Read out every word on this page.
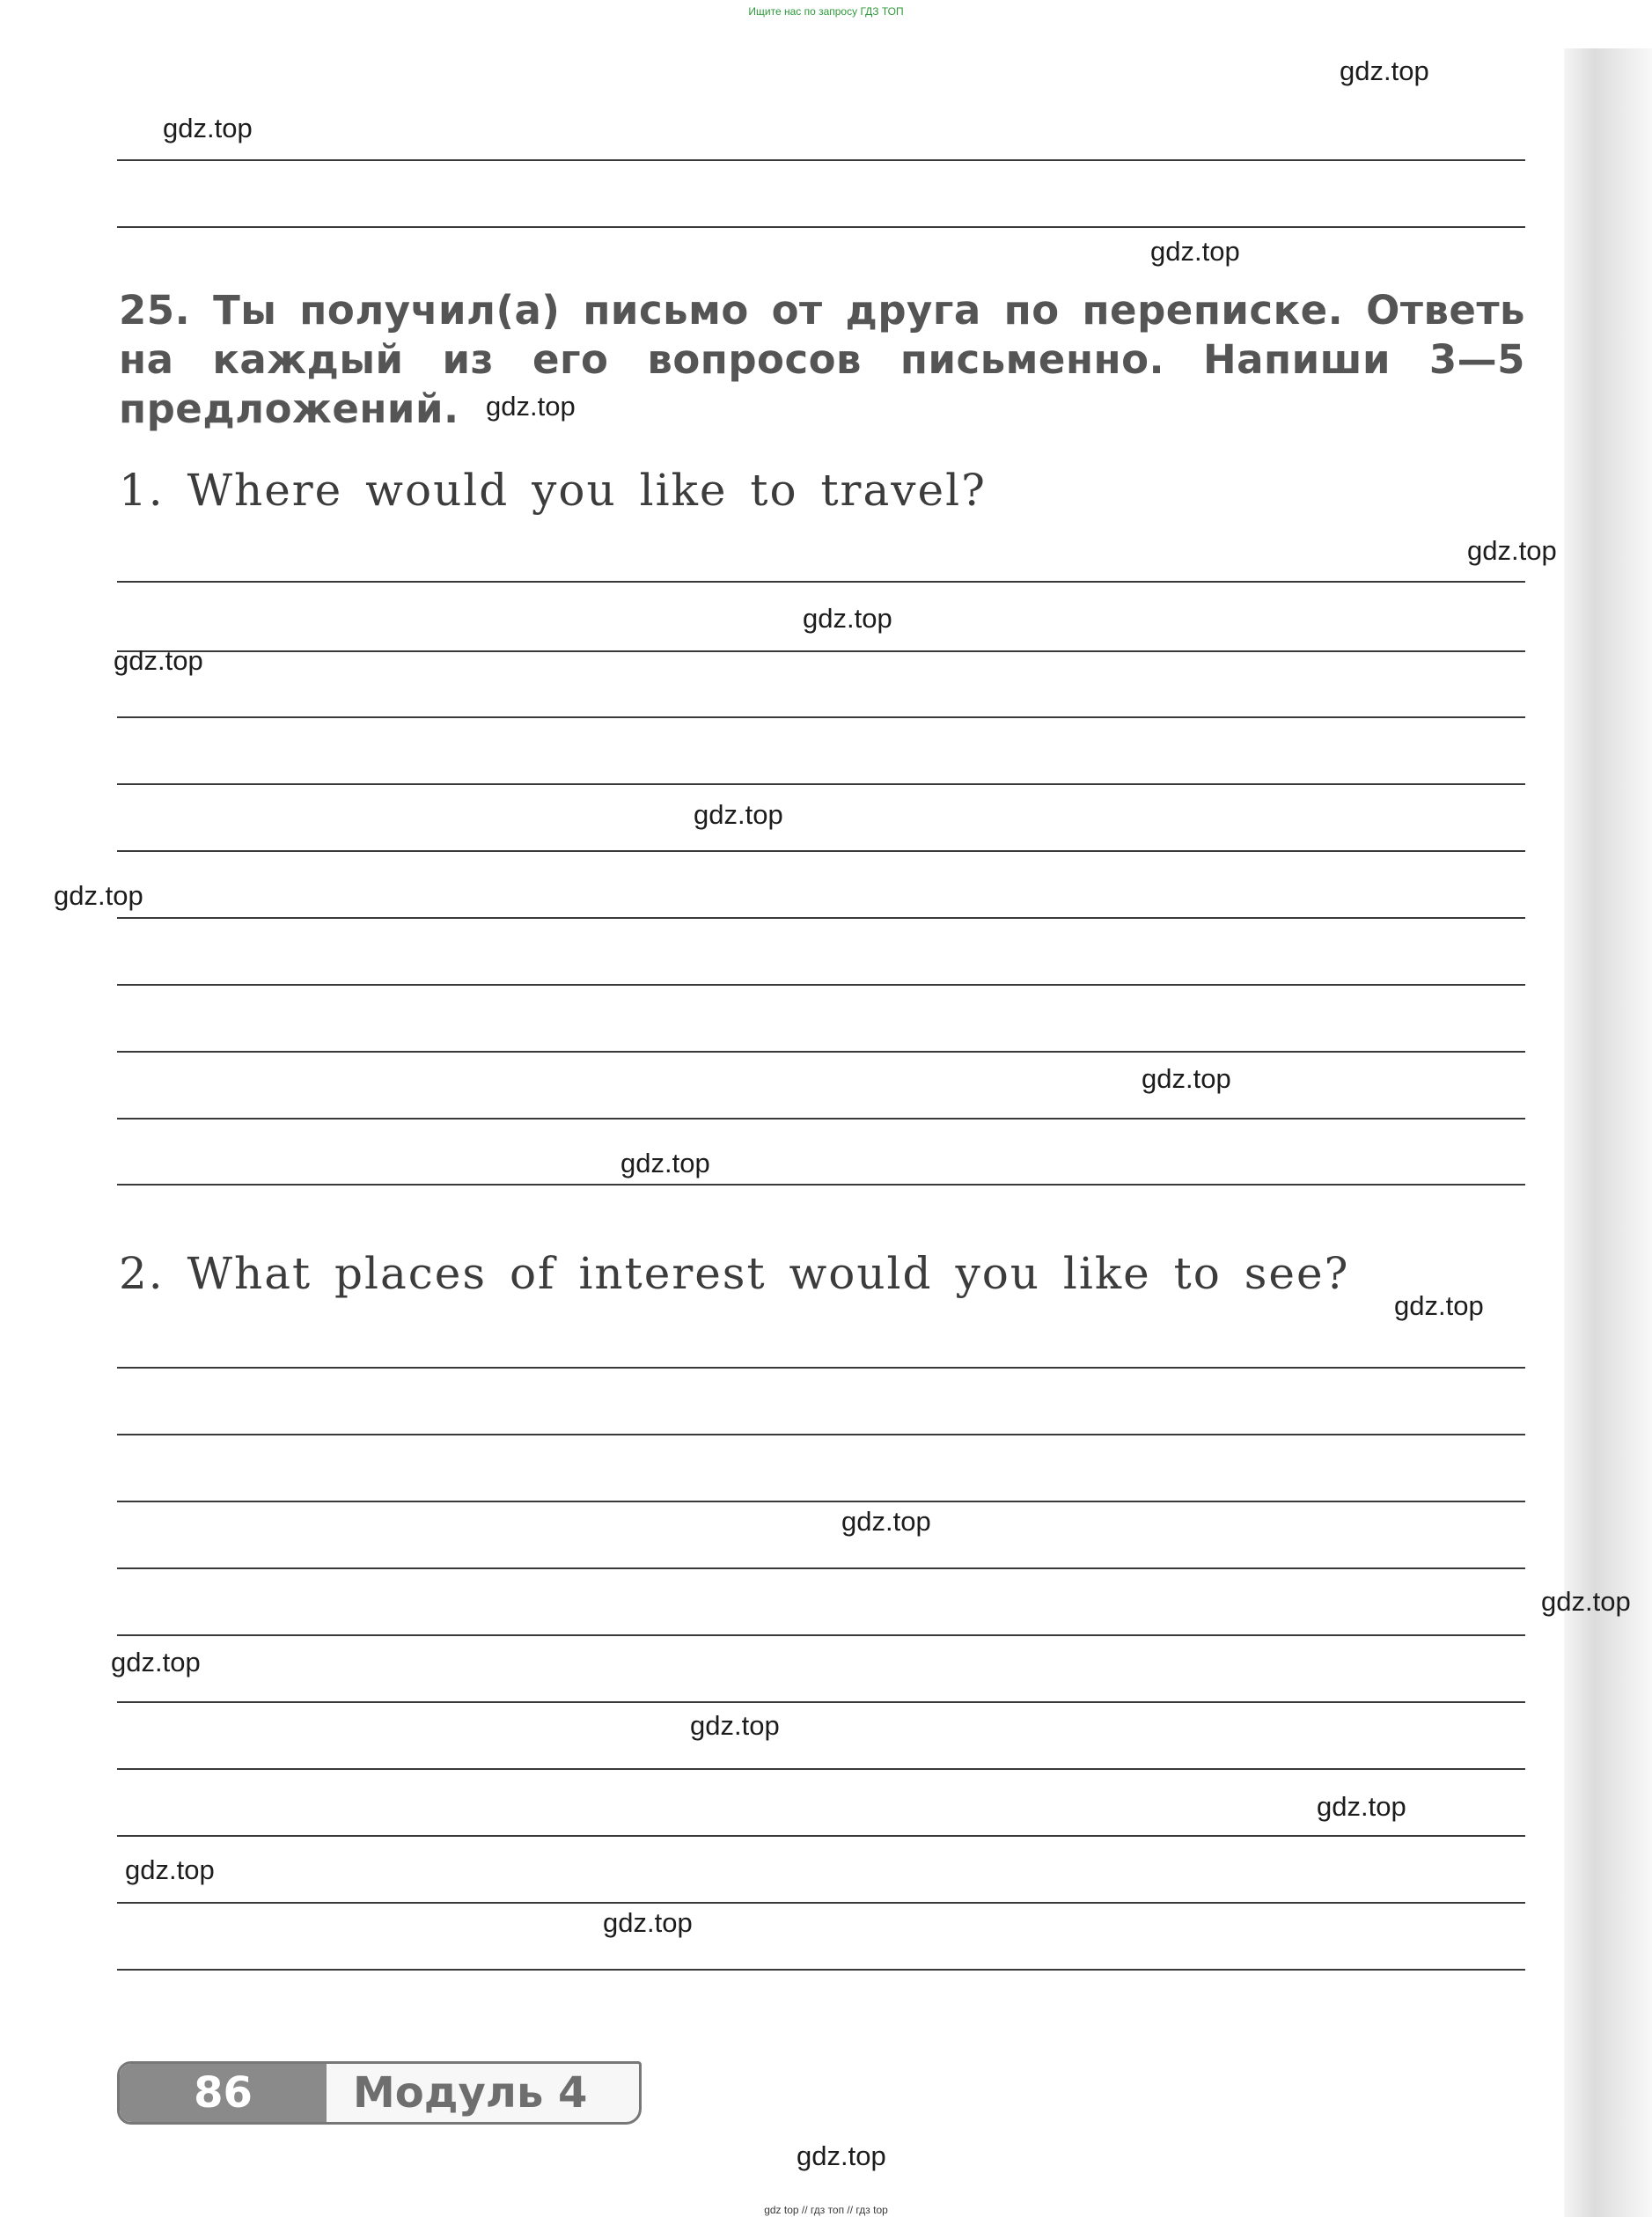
Ищите нас по запросу ГДЗ ТОП
25. Ты получил(а) письмо от друга по переписке. Ответь на каждый из его вопросов письменно. Напиши 3—5 предложений.
1. Where would you like to travel?
2. What places of interest would you like to see?
86	Модуль 4
gdz.top
gdz.top
gdz.top
gdz.top
gdz.top
gdz.top
gdz.top
gdz.top
gdz.top
gdz.top
gdz.top
gdz.top
gdz.top
gdz.top
gdz.top
gdz.top
gdz.top
gdz.top
gdz.top
gdz.top
gdz top // гдз топ // гдз top
